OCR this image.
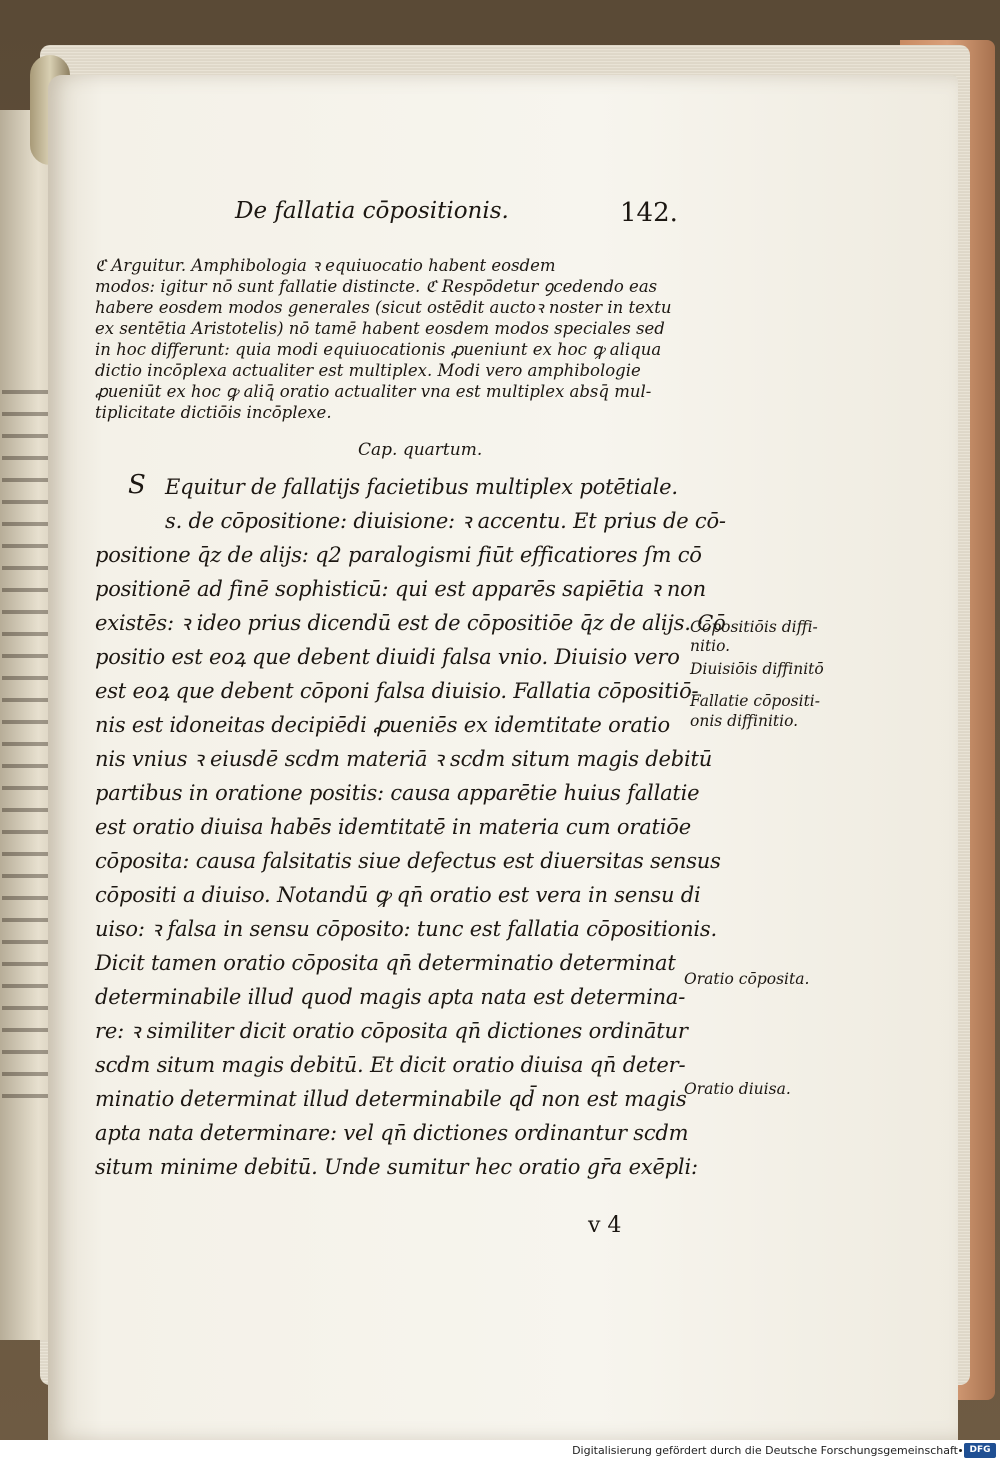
De fallatia cōpositionis.	142.
ℭ Arguitur. Amphibologia ꝛ equiuocatio habent eosdem
modos: igitur nō sunt fallatie distincte. ℭ Respōdetur ꝯcedendo eas
habere eosdem modos generales (sicut ostēdit auctoꝛ noster in textu
ex sentētia Aristotelis) nō tamē habent eosdem modos speciales sed
in hoc differunt: quia modi equiuocationis ꝓueniunt ex hoc ꝙ aliqua
dictio incōplexa actualiter est multiplex. Modi vero amphibologie
ꝓueniūt ex hoc ꝙ aliq̄ oratio actualiter vna est multiplex absq̄ mul-
tiplicitate dictiōis incōplexe.
Cap. quartum.
S Equitur de fallatijs facietibus multiplex potētiale.
s. de cōpositione: diuisione: ꝛ accentu. Et prius de cō-
positione q̄z de alijs: q2 paralogismi fiūt efficatiores ſm cō
positionē ad finē sophisticū: qui est apparēs sapiētia ꝛ non
existēs: ꝛ ideo prius dicendū est de cōpositiōe q̄z de alijs. Cō
positio est eoꝝ que debent diuidi falsa vnio. Diuisio vero
est eoꝝ que debent cōponi falsa diuisio. Fallatia cōpositiō-
nis est idoneitas decipiēdi ꝓueniēs ex idemtitate oratio
nis vnius ꝛ eiusdē scdm materiā ꝛ scdm situm magis debitū
partibus in oratione positis: causa apparētie huius fallatie
est oratio diuisa habēs idemtitatē in materia cum oratiōe
cōposita: causa falsitatis siue defectus est diuersitas sensus
cōpositi a diuiso. Notandū ꝙ qn̄ oratio est vera in sensu di
uiso: ꝛ falsa in sensu cōposito: tunc est fallatia cōpositionis.
Dicit tamen oratio cōposita qn̄ determinatio determinat
determinabile illud quod magis apta nata est determina-
re: ꝛ similiter dicit oratio cōposita qn̄ dictiones ordinātur
scdm situm magis debitū. Et dicit oratio diuisa qn̄ deter-
minatio determinat illud determinabile qd̄ non est magis
apta nata determinare: vel qn̄ dictiones ordinantur scdm
situm minime debitū. Unde sumitur hec oratio gr̄a exēpli:
Cōpositiōis diffi-
nitio.
Diuisiōis diffinitō
Fallatie cōpositi-
onis diffinitio.
Oratio cōposita.
Oratio diuisa.
v 4
Digitalisierung gefördert durch die Deutsche Forschungsgemeinschaft	DFG
